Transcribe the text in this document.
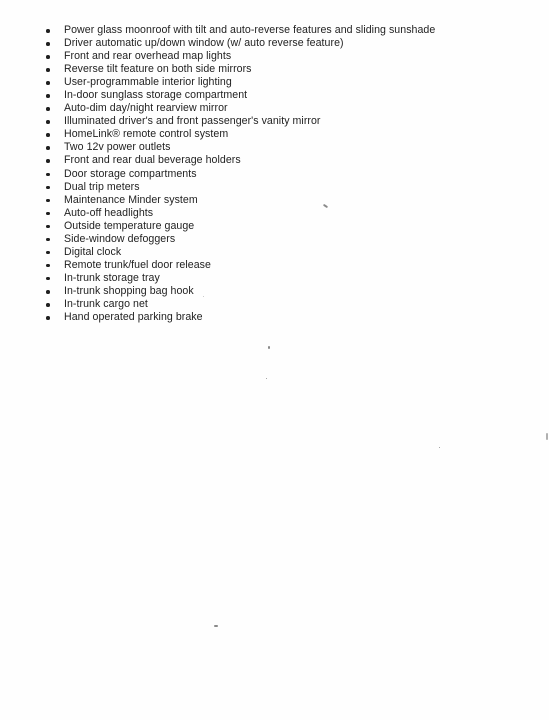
Power glass moonroof with tilt and auto-reverse features and sliding sunshade
Driver automatic up/down window (w/ auto reverse feature)
Front and rear overhead map lights
Reverse tilt feature on both side mirrors
User-programmable interior lighting
In-door sunglass storage compartment
Auto-dim day/night rearview mirror
Illuminated driver's and front passenger's vanity mirror
HomeLink® remote control system
Two 12v power outlets
Front and rear dual beverage holders
Door storage compartments
Dual trip meters
Maintenance Minder system
Auto-off headlights
Outside temperature gauge
Side-window defoggers
Digital clock
Remote trunk/fuel door release
In-trunk storage tray
In-trunk shopping bag hook
In-trunk cargo net
Hand operated parking brake
